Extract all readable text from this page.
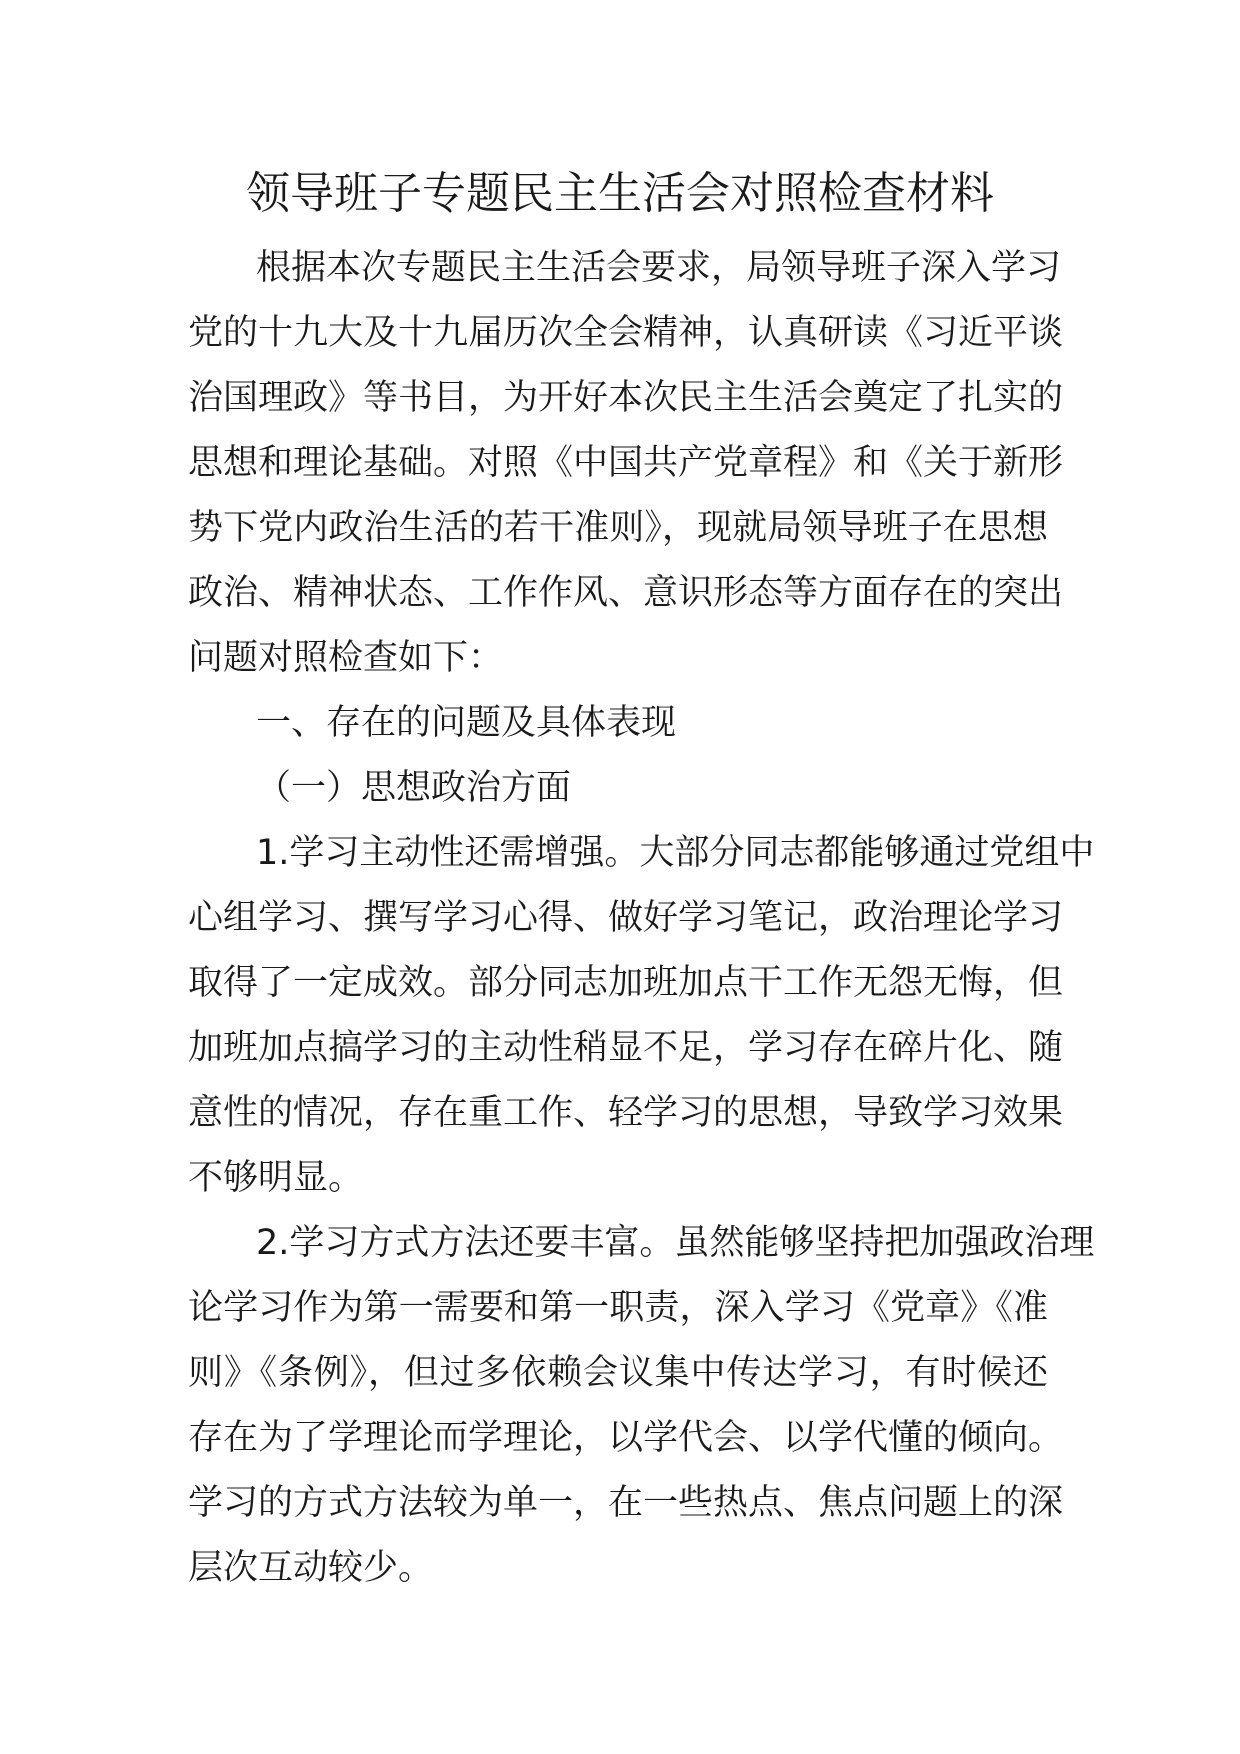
领导班子专题民主生活会对照检查材料
根据本次专题民主生活会要求，局领导班子深入学习
党的十九大及十九届历次全会精神，认真研读《习近平谈
治国理政》等书目，为开好本次民主生活会奠定了扎实的
思想和理论基础。对照《中国共产党章程》和《关于新形
势下党内政治生活的若干准则》，现就局领导班子在思想
政治、精神状态、工作作风、意识形态等方面存在的突出
问题对照检查如下：
一、存在的问题及具体表现
（一）思想政治方面
1.学习主动性还需增强。大部分同志都能够通过党组中
心组学习、撰写学习心得、做好学习笔记，政治理论学习
取得了一定成效。部分同志加班加点干工作无怨无悔，但
加班加点搞学习的主动性稍显不足，学习存在碎片化、随
意性的情况，存在重工作、轻学习的思想，导致学习效果
不够明显。
2.学习方式方法还要丰富。虽然能够坚持把加强政治理
论学习作为第一需要和第一职责，深入学习《党章》《准
则》《条例》，但过多依赖会议集中传达学习，有时候还
存在为了学理论而学理论，以学代会、以学代懂的倾向。
学习的方式方法较为单一，在一些热点、焦点问题上的深
层次互动较少。
